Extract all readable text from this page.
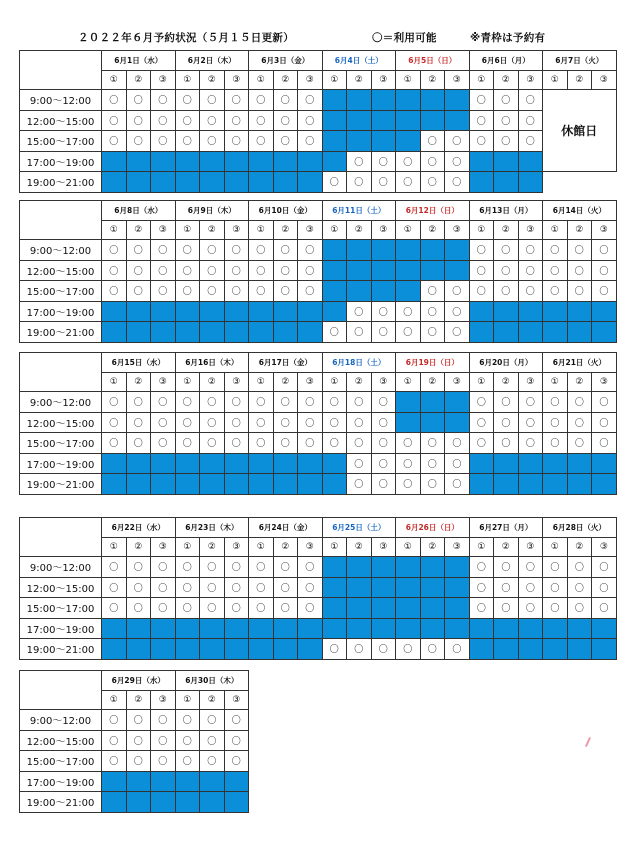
２０２２年６月予約状況（５月１５日更新）	〇＝利用可能	※青枠は予約有
	6月1日（水）			6月2日（木）			6月3日（金）			6月4日（土）			6月5日（日）			6月6日（月）			6月7日（火）		
	①	②	③	①	②	③	①	②	③	①	②	③	①	②	③	①	②	③	①	②	③
9:00～12:00	〇	〇	〇	〇	〇	〇	〇	〇	〇							〇	〇	〇	休館日		
12:00～15:00	〇	〇	〇	〇	〇	〇	〇	〇	〇							〇	〇	〇			
15:00～17:00	〇	〇	〇	〇	〇	〇	〇	〇	〇					〇	〇	〇	〇	〇			
17:00～19:00											〇	〇	〇	〇	〇						
19:00～21:00										〇	〇	〇	〇	〇	〇						
	6月8日（水）			6月9日（木）			6月10日（金）			6月11日（土）			6月12日（日）			6月13日（月）			6月14日（火）		
	①	②	③	①	②	③	①	②	③	①	②	③	①	②	③	①	②	③	①	②	③
9:00～12:00	〇	〇	〇	〇	〇	〇	〇	〇	〇							〇	〇	〇	〇	〇	〇
12:00～15:00	〇	〇	〇	〇	〇	〇	〇	〇	〇							〇	〇	〇	〇	〇	〇
15:00～17:00	〇	〇	〇	〇	〇	〇	〇	〇	〇					〇	〇	〇	〇	〇	〇	〇	〇
17:00～19:00											〇	〇	〇	〇	〇						
19:00～21:00										〇	〇	〇	〇	〇	〇						
	6月15日（水）			6月16日（木）			6月17日（金）			6月18日（土）			6月19日（日）			6月20日（月）			6月21日（火）		
	①	②	③	①	②	③	①	②	③	①	②	③	①	②	③	①	②	③	①	②	③
9:00～12:00	〇	〇	〇	〇	〇	〇	〇	〇	〇	〇	〇	〇				〇	〇	〇	〇	〇	〇
12:00～15:00	〇	〇	〇	〇	〇	〇	〇	〇	〇	〇	〇	〇				〇	〇	〇	〇	〇	〇
15:00～17:00	〇	〇	〇	〇	〇	〇	〇	〇	〇	〇	〇	〇	〇	〇	〇	〇	〇	〇	〇	〇	〇
17:00～19:00											〇	〇	〇	〇	〇						
19:00～21:00											〇	〇	〇	〇	〇						
	6月22日（水）			6月23日（木）			6月24日（金）			6月25日（土）			6月26日（日）			6月27日（月）			6月28日（火）		
	①	②	③	①	②	③	①	②	③	①	②	③	①	②	③	①	②	③	①	②	③
9:00～12:00	〇	〇	〇	〇	〇	〇	〇	〇	〇							〇	〇	〇	〇	〇	〇
12:00～15:00	〇	〇	〇	〇	〇	〇	〇	〇	〇							〇	〇	〇	〇	〇	〇
15:00～17:00	〇	〇	〇	〇	〇	〇	〇	〇	〇							〇	〇	〇	〇	〇	〇
17:00～19:00																					
19:00～21:00										〇	〇	〇	〇	〇	〇						
	6月29日（水）			6月30日（木）		
	①	②	③	①	②	③
9:00～12:00	〇	〇	〇	〇	〇	〇
12:00～15:00	〇	〇	〇	〇	〇	〇
15:00～17:00	〇	〇	〇	〇	〇	〇
17:00～19:00						
19:00～21:00						
